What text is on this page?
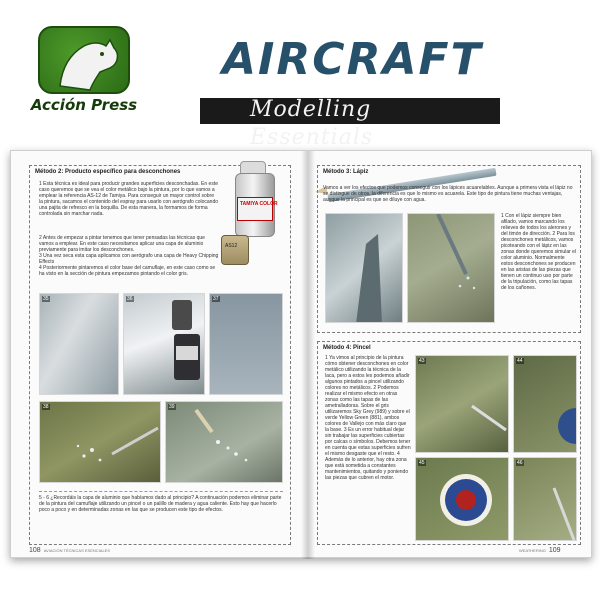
Acción Press
AIRCRAFT
Modelling Essentials
Método 2: Producto específico para desconchones
1 Esta técnica es ideal para producir grandes superficies desconchadas. En este caso queremos que se vea el color metálico bajo la pintura, por lo que vamos a emplear la referencia AS-12 de Tamiya. Para conseguir un mayor control sobre la pintura, sacamos el contenido del espray para usarlo con aerógrafo colocando una pajita de refresco en la boquilla. De esta manera, la formamos de forma controlada sin marchar nada.
2 Antes de empezar a pintar tenemos que tener pensadas las técnicas que vamos a emplear. En este caso necesitamos aplicar una capa de aluminio previamente para imitar los desconchones.
3 Una vez seca esta capa aplicamos con aerógrafo una capa de Heavy Chipping Effects
4 Posteriormente pintaremos el color base del camuflaje, en este caso como se ha visto en la sección de pintura empezamos pintando el color gris.
TAMIYA COLOR
AS12
35	36	37
38	39
5 - 6 ¿Recordáis la capa de aluminio que habíamos dado al principio? A continuación podemos eliminar parte de la pintura del camuflaje utilizando un pincel o un palillo de madera y agua caliente. Esto hay que hacerlo poco a poco y en determinadas zonas en las que se producen este tipo de efectos.
108 AVIACIÓN TÉCNICAS ESENCIALES
Método 3: Lápiz
Vamos a ver los efectos que podemos conseguir con los lápices acuarelables. Aunque a primera vista el lápiz no se distingue de otros, la diferencia es que lo mismo es acuarela. Este tipo de pintura tiene muchas ventajas, aunque la principal es que se diluye con agua.
1 Con el lápiz siempre bien afilado, vamos marcando los relieves de todos los alerones y del timón de dirección. 2 Para los desconchones metálicos, vamos picoteando con el lápiz en las zonas donde queremos simular el color aluminio. Normalmente estos desconchones se producen en las aristas de las piezas que tienen un continuo uso por parte de la tripulación, como las tapas de los cañones.
Método 4: Pincel
1 Ya vimos al principio de la pintura cómo obtener desconchones en color metálico utilizando la técnica de la laca, pero a estos les podemos añadir algunos pintados a pincel utilizando colores no metálicos. 2 Podemos realizar el mismo efecto en otras zonas como las tapas de las ametralladoras. Sobre el gris utilizaremos Sky Grey (989) y sobre el verde Yellow Green (881), ambos colores de Vallejo con más claro que la base. 3 Es un error habitual dejar sin trabajar las superficies cubiertas por calcas o símbolos. Debemos tener en cuenta que estas superficies sufren el mismo desgaste que el resto. 4 Además de lo anterior, hay otra zona que está sometida a constantes mantenimientos, quitando y poniendo las piezas que cubren el motor.
43	44
45	46
WEATHERING 109
